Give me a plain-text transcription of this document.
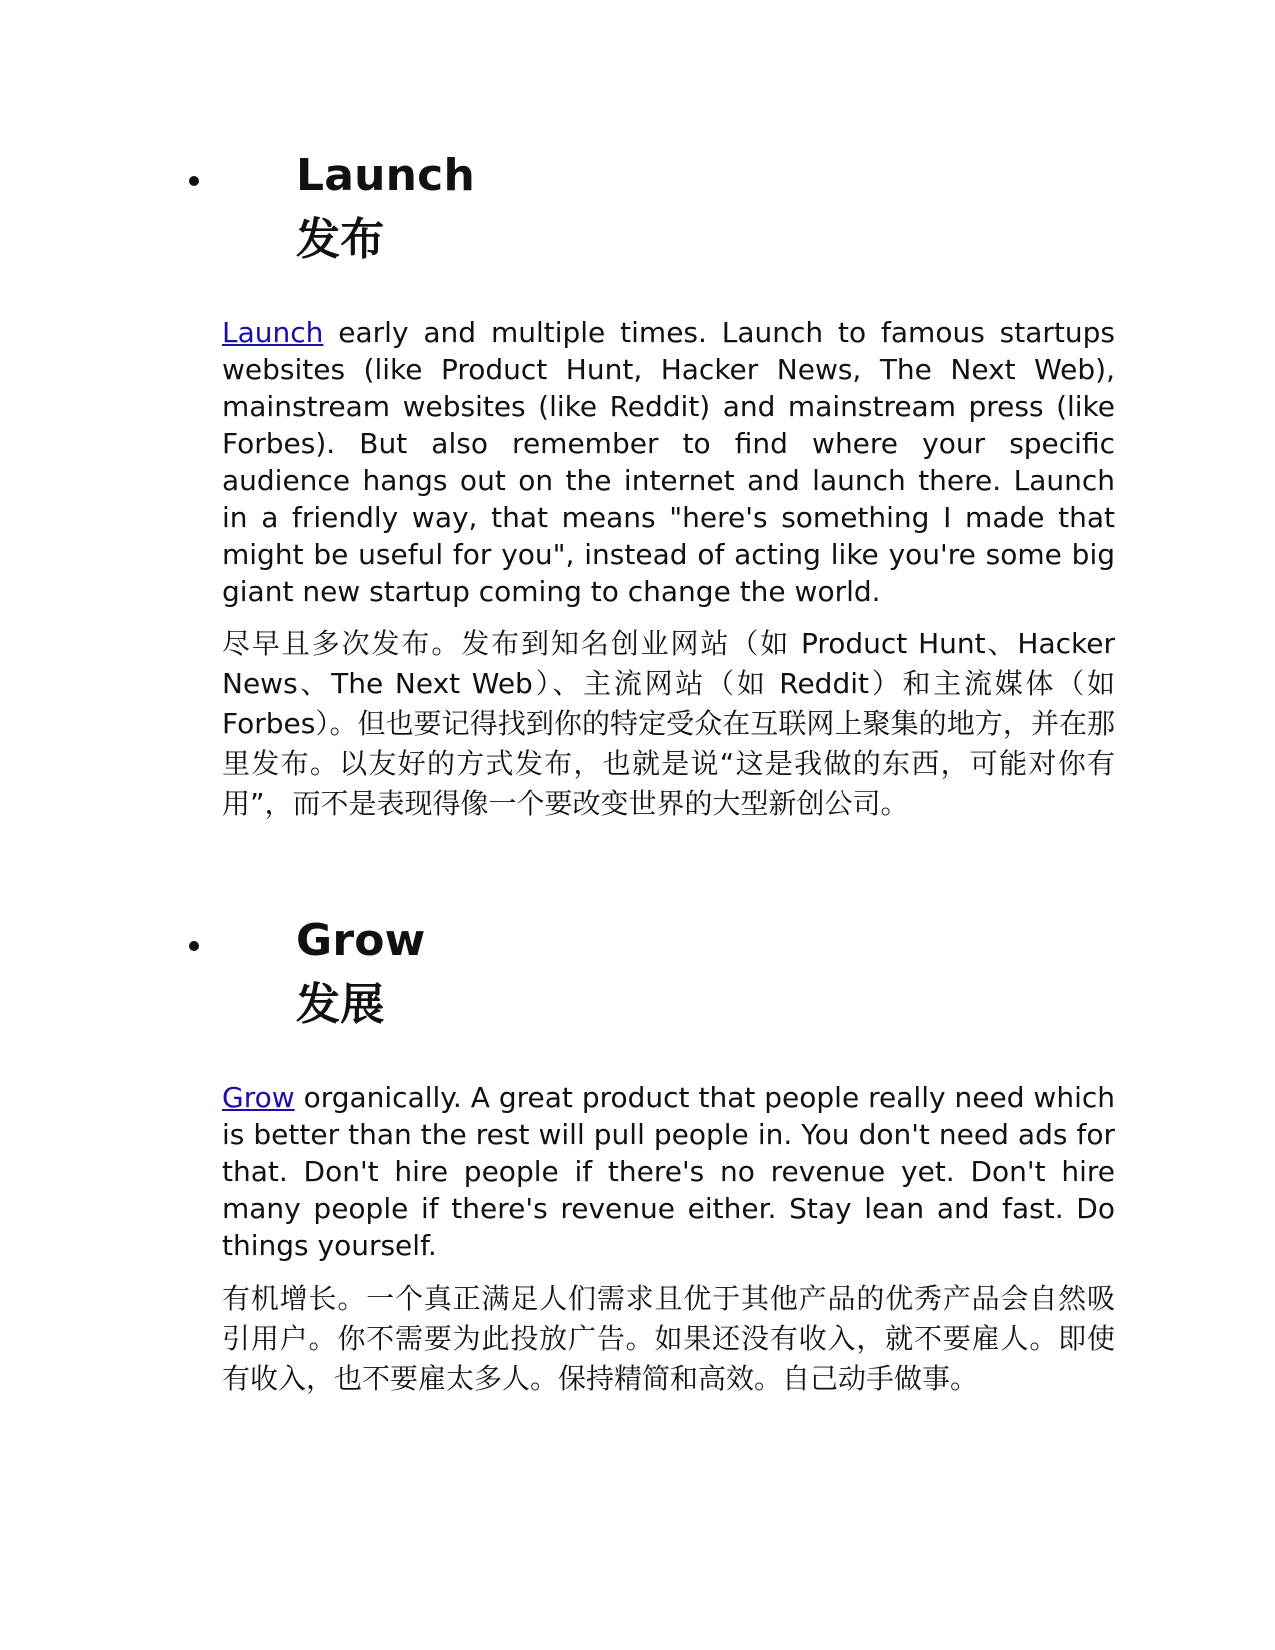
Launch
发布

Launch early and multiple times. Launch to famous startups websites (like Product Hunt, Hacker News, The Next Web), mainstream websites (like Reddit) and mainstream press (like Forbes). But also remember to find where your specific audience hangs out on the internet and launch there. Launch in a friendly way, that means "here's something I made that might be useful for you", instead of acting like you're some big giant new startup coming to change the world.

尽早且多次发布。发布到知名创业网站（如 Product Hunt、Hacker News、The Next Web）、主流网站（如 Reddit）和主流媒体（如 Forbes）。但也要记得找到你的特定受众在互联网上聚集的地方，并在那里发布。以友好的方式发布，也就是说“这是我做的东西，可能对你有用”，而不是表现得像一个要改变世界的大型新创公司。

Grow
发展

Grow organically. A great product that people really need which is better than the rest will pull people in. You don't need ads for that. Don't hire people if there's no revenue yet. Don't hire many people if there's revenue either. Stay lean and fast. Do things yourself.

有机增长。一个真正满足人们需求且优于其他产品的优秀产品会自然吸引用户。你不需要为此投放广告。如果还没有收入，就不要雇人。即使有收入，也不要雇太多人。保持精简和高效。自己动手做事。
